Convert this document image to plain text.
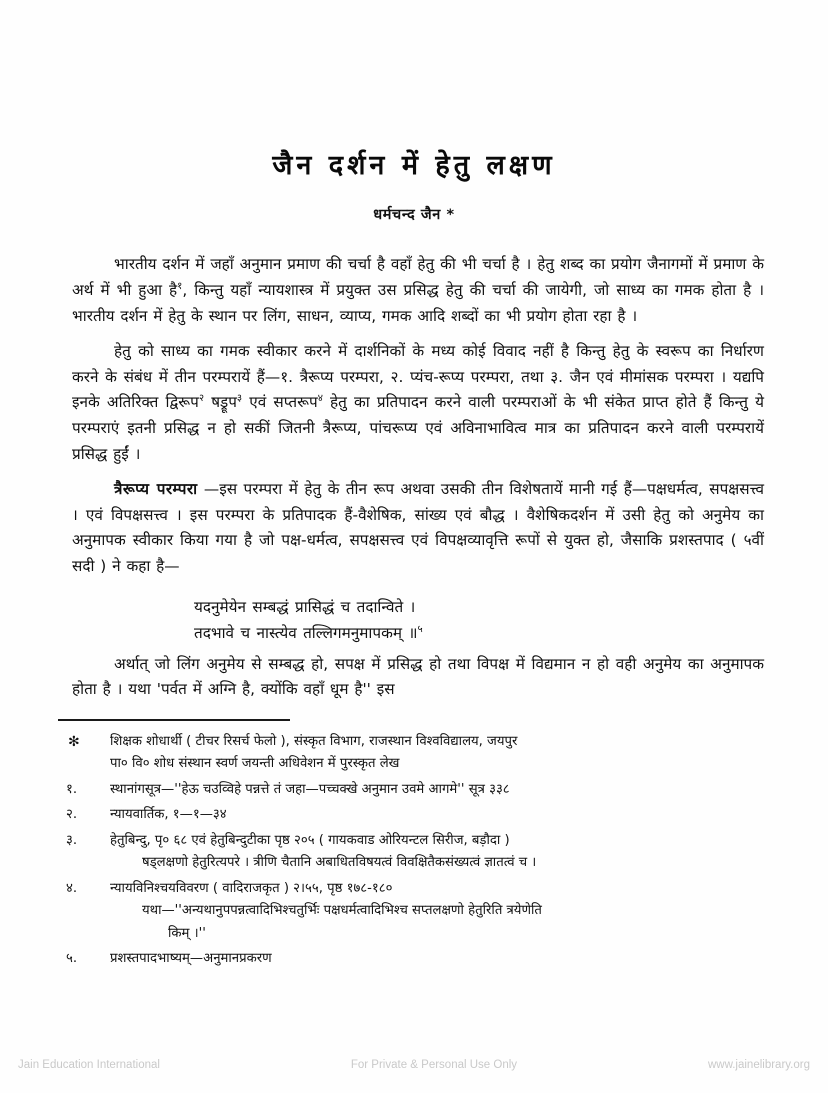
जैन दर्शन में हेतु लक्षण
धर्मचन्द जैन *

भारतीय दर्शन में जहाँ अनुमान प्रमाण की चर्चा है वहाँ हेतु की भी चर्चा है । हेतु शब्द का प्रयोग जैनागमों में प्रमाण के अर्थ में भी हुआ है$^१$, किन्तु यहाँ न्यायशास्त्र में प्रयुक्त उस प्रसिद्ध हेतु की चर्चा की जायेगी, जो साध्य का गमक होता है । भारतीय दर्शन में हेतु के स्थान पर लिंग, साधन, व्याप्य, गमक आदि शब्दों का भी प्रयोग होता रहा है ।

हेतु को साध्य का गमक स्वीकार करने में दार्शनिकों के मध्य कोई विवाद नहीं है किन्तु हेतु के स्वरूप का निर्धारण करने के संबंध में तीन परम्परायें हैं—१. त्रैरूप्य परम्परा, २. प्यंच-रूप्य परम्परा, तथा ३. जैन एवं मीमांसक परम्परा । यद्यपि इनके अतिरिक्त द्विरूप$^२$ षड्रूप$^३$ एवं सप्तरूप$^४$ हेतु का प्रतिपादन करने वाली परम्पराओं के भी संकेत प्राप्त होते हैं किन्तु ये परम्पराएं इतनी प्रसिद्ध न हो सकीं जितनी त्रैरूप्य, पांचरूप्य एवं अविनाभावित्व मात्र का प्रतिपादन करने वाली परम्परायें प्रसिद्ध हुईं ।

त्रैरूप्य परम्परा —इस परम्परा में हेतु के तीन रूप अथवा उसकी तीन विशेषतायें मानी गई हैं—पक्षधर्मत्व, सपक्षसत्त्व । एवं विपक्षसत्त्व । इस परम्परा के प्रतिपादक हैं-वैशेषिक, सांख्य एवं बौद्ध । वैशेषिकदर्शन में उसी हेतु को अनुमेय का अनुमापक स्वीकार किया गया है जो पक्ष-धर्मत्व, सपक्षसत्त्व एवं विपक्षव्यावृत्ति रूपों से युक्त हो, जैसाकि प्रशस्तपाद ( ५वीं सदी ) ने कहा है—

यदनुमेयेन सम्बद्धं प्रासिद्धं च तदान्विते ।
तदभावे च नास्त्येव तल्लिगमनुमापकम् ॥$^५$

अर्थात् जो लिंग अनुमेय से सम्बद्ध हो, सपक्ष में प्रसिद्ध हो तथा विपक्ष में विद्यमान न हो वही अनुमेय का अनुमापक होता है । यथा 'पर्वत में अग्नि है, क्योंकि वहाँ धूम है'' इस

✻	शिक्षक शोधार्थी ( टीचर रिसर्च फेलो ), संस्कृत विभाग, राजस्थान विश्वविद्यालय, जयपुर
पा० वि० शोध संस्थान स्वर्ण जयन्ती अधिवेशन में पुरस्कृत लेख
१.	स्थानांगसूत्र—''हेऊ चउव्विहे पन्नत्ते तं जहा—पच्चक्खे अनुमान उवमे आगमे'' सूत्र ३३८
२.	न्यायवार्तिक, १—१—३४
३.	हेतुबिन्दु, पृ० ६८ एवं हेतुबिन्दुटीका पृष्ठ २०५ ( गायकवाड ओरियन्टल सिरीज, बड़ौदा )
षड्लक्षणो हेतुरित्यपरे । त्रीणि चैतानि अबाधितविषयत्वं विवक्षितैकसंख्यत्वं ज्ञातत्वं च ।
४.	न्यायविनिश्चयविवरण ( वादिराजकृत ) २।५५, पृष्ठ १७८-१८०
यथा—''अन्यथानुपपन्नत्वादिभिश्चतुर्भिः पक्षधर्मत्वादिभिश्च सप्तलक्षणो हेतुरिति त्रयेणेति
किम् ।''
५.	प्रशस्तपादभाष्यम्—अनुमानप्रकरण
Jain Education International	For Private & Personal Use Only	www.jainelibrary.org
